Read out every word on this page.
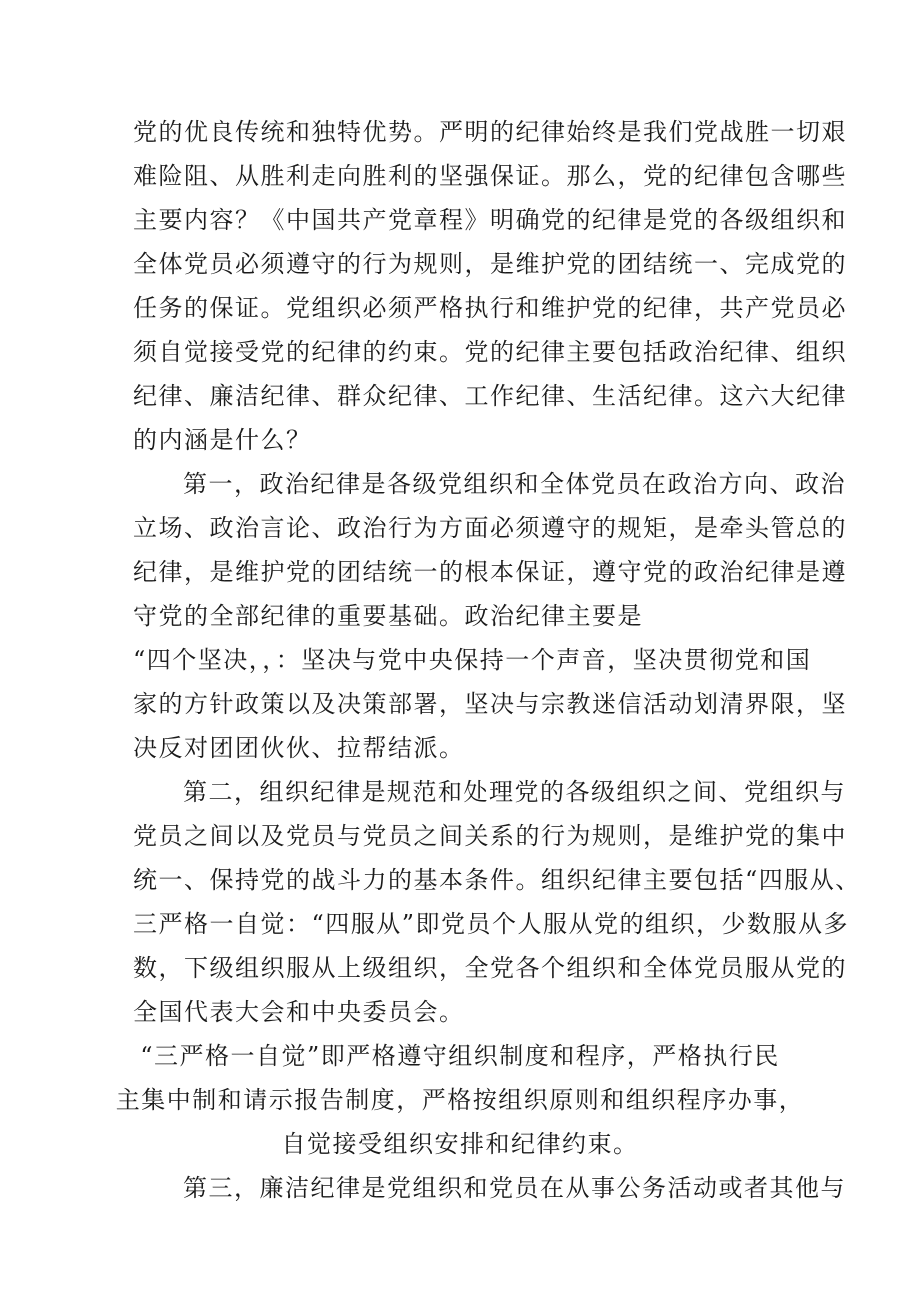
党的优良传统和独特优势。严明的纪律始终是我们党战胜一切艰
难险阻、从胜利走向胜利的坚强保证。那么，党的纪律包含哪些
主要内容？《中国共产党章程》明确党的纪律是党的各级组织和
全体党员必须遵守的行为规则，是维护党的团结统一、完成党的
任务的保证。党组织必须严格执行和维护党的纪律，共产党员必
须自觉接受党的纪律的约束。党的纪律主要包括政治纪律、组织
纪律、廉洁纪律、群众纪律、工作纪律、生活纪律。这六大纪律
的内涵是什么？
第一，政治纪律是各级党组织和全体党员在政治方向、政治
立场、政治言论、政治行为方面必须遵守的规矩，是牵头管总的
纪律，是维护党的团结统一的根本保证，遵守党的政治纪律是遵
守党的全部纪律的重要基础。政治纪律主要是
“四个坚决，，：坚决与党中央保持一个声音，坚决贯彻党和国
家的方针政策以及决策部署，坚决与宗教迷信活动划清界限，坚
决反对团团伙伙、拉帮结派。
第二，组织纪律是规范和处理党的各级组织之间、党组织与
党员之间以及党员与党员之间关系的行为规则，是维护党的集中
统一、保持党的战斗力的基本条件。组织纪律主要包括“四服从、
三严格一自觉：“四服从”即党员个人服从党的组织，少数服从多
数，下级组织服从上级组织，全党各个组织和全体党员服从党的
全国代表大会和中央委员会。
“三严格一自觉”即严格遵守组织制度和程序，严格执行民
主集中制和请示报告制度，严格按组织原则和组织程序办事，
自觉接受组织安排和纪律约束。
第三，廉洁纪律是党组织和党员在从事公务活动或者其他与
